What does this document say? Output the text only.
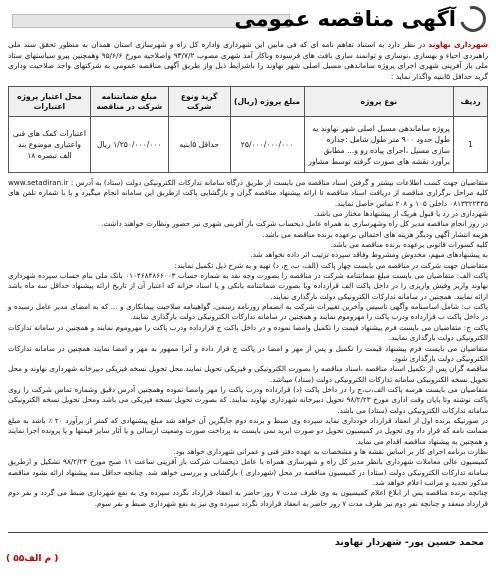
آگهی مناقصه عمومی
شهرداری نهاوند در نظر دارد به استناد تفاهم نامه ای که فی مابین این شهرداری واداره کل راه و شهرسازی استان همدان به منظور تحقق سند ملی راهبردی احیاء و بهسازی ،نوسازی و توانمند سازی بافت های فرسوده وناکار آمد شهری مصوب ۹۳/۷/۲ واصلاحیه مورخ ۹۵/۶/۶ وهمچنین پیرو سیاستهای ستاد ملی باز آفرینی شهری اجرای پروژه ساماندهی مسیل اصلی شهر نهاوند را باشرایط ذیل واز طریق آگهی مناقصه عمومی به شرکتهای واجد صلاحیت وداری گرید حداقل ۵ابنیه واگذار نماید :
ردیف	نوع پروژه	مبلغ پروژه (ریال)	گرید ونوع شرکت	مبلغ ضمانتنامه شرکت در مناقصه	محل اعتبار پروژه اعتبارات
1	پروژه ساماندهی مسیل اصلی شهر نهاوند به طول حدود ۹۰۰ متر طول شامل :جداره سازی مسیل ،اجرای پیاده رو و... مطابق برآورد نقشه های صورت گرفته توسط مشاور	۲۵/۰۰۰/۰۰۰/۰۰۰	حداقل ۵ابنیه	۱/۲۵۰/۰۰۰/۰۰۰ ریال	اعتبارات کمک های فنی واعتباری موضوع بند الف تبصره ۱۸

متقاضیان جهت کسب اطلاعات بیشتر و گرفتن اسناد مناقصه می بایست از طریق درگاه سامانه تدارکات الکترونیکی دولت (ستاد) به آدرس : www.setadiran.ir کلیه مراحل برگزاری مناقصه از دریافت اسناد مناقصه تا ارائه پیشنهاد مناقصه گران و بازگشایی پاکت ازطریق این سامانه انجام میگیرد و یا با شماره تلفن های ۰۸۱۳۳۲۲۴۴۵ داخلی ۱۰۵ و ۲۰۸ تماس حاصل نمایند.

شهرداری در رد یا قبول هریک از پیشنهادها مختار می باشد.

در روز انجام مناقصه مدیر کل راه وشهرسازی به همراه عامل ذیحساب شرکت باز آفرینی شهری نیز حضور ونظارت خواهند داشت.

هزینه انتشار آگهی ودیگر هزینه های احتمالی برعهده برنده مناقصه می باشد.

کلیه کسورات قانونی برعهده برنده مناقصه می باشد.

به پیشنهادهای مبهم، مخدوش ومشروط وفاقد سپرده ترتیب اثر داده نخواهد شد.

متقاضیان جهت شرکت در مناقصه می بایست چهار پاکت (الف، ب، ج، د) تهیه و به شرح ذیل تکمیل نمایند:

پاکت الف: متقاضیان می بایست مبلغ ضمانتنامه شرکت در مناقصه را بصورت وجه نقد به شماره حساب ۰۱۰۴۶۸۴۸۶۶۰۰۳ بانک ملی بنام حساب سپرده شهرداری نهاوند واریز وفیش واریزی را در داخل پاکت الف قرارداده ویا بصورت ضمانتنامه بانکی و یا اسناد خزانه که اعتبار آن از تاریخ ارائه پیشنهاد حداقل سه ماه باشد ارائه نمایند. همچنین در سامانه تدارکات الکترونیکی دولت بارگذاری نمایند.

پاکت ب: شامل اساسنامه وآگهی تاسیس وآخرین تغییرات شرکت به انضمام روزنامه رسمی، گواهینامه صلاحیت پیمانکاری و ... که به امضای مدیر عامل رسیده و در داخل پاکت ب قرارداده ودرب پاکت را مهروموم نمایند و همچنین در سامانه تدارکات الکترونیکی دولت بارگذاری نمایند.

پاکت ج: متقاضیان می بایست فرم پیشنهاد قیمت را تکمیل وامضا نموده و در داخل پاکت ج قرارداده ودرب پاکت را مهروموم نمایند و همچنین در سامانه تدارکات الکترونیکی دولت بارگذاری نمایند.

متقاضیان می بایست فرم پیشنهاد قیمت را تکمیل و پس از مهر و امضا در پاکت ج قرار داده و آنرا ممهور به مهر و امضا نمایند همچنین در سامانه تدارکات الکترونیکی دولت بارگذاری شود.

مناقصه گران پس از تکمیل اسناد مناقصه ،اسناد مناقصه را بصورت الکترونیکی و فیزیکی تحویل نمایند.محل تحویل نسخه فیزیکی دبیرخانه شهرداری نهاوند و محل تحویل نسخه الکترونیکی سامانه تدارکات الکترونیکی دولت (ستاد) میباشد.

متقاضیان می بایست هرسه پاکت الف،ب،ج را در داخل پاکت (د) قرارداده ودرب پاکت را مهر وامضا نموده وهمچنین آدرس دقیق وشماره تماس شرکت را روی پاکت نوشته وتا پایان وقت اداری مورخ ۹۸/۲/۲۳ تحویل دبیرخانه شهرداری نهاوند نمایند. که بصورت تحویل نسخه فیزیکی می باشد ومحل تحویل نسخه الکترونیکی سامانه تدارکات الکترونیکی دولت (ستاد) می باشد.

در صورتیکه برنده اول از انعقاد قرارداد خودداری نماید سپرده وی ضبط و برنده دوم جایگزین آن خواهد شد مبلغ پیشنهادی که کمتر از برآورد ۲۰ ٪ باشد به مبلغ ضمانت نامه که قرار داد وی تحویل در کمیسیون تحویل دو صورت ابرید نمی بایست به پرداخت صورت وصعیت ارسالی و یا آثار سایر قیمتها و یا پرونده اجرا نمایند و همچنین به پیشنهاد مناقصه اقدام می نماید.

نظارت برنامه اجرای کار بر اساس نقشه ها و مشخصات به عهده دفتر فنی و عمرانی شهرداری خواهد بود.

کمیسیون عالی معاملات شهرداری بانظر مدیر کل راه و شهرسازی همراه با عامل ذیحساب شرکت باز آفرینی ساعت ۱۱ صبح مورخ ۹۸/۲/۲۴ تشکیل و ازطریق سامانه تدارکات الکترونیکی دولت (ستاد) در کمیسیون مناقصه در محل (شهرداری ) بازگشایی و بررسی خواهد شد. چنانچه حداقل سه پیشنهاد ارائه نشود مناقصه مذکور تجدید و مراتب اعلام خواهد شد.

چنانچه برنده مناقصه پس از ابلاغ اعلام کمیسیون به وی ظرف مدت ۷ روز حاضر به انعقاد قرارداد نگردد سپرده وی به نفع شهرداری ضبط می گردد و نفر دوم قرارداد منعقد و چنانچه نفر دوم نیز ظرف مدت ۷ روز حاضر به انعقاد قرارداد نگردد سپرده وی نیز به نفع شهرداری ضبط و نفر سوم.

محمد حسین پور- شهردار نهاوند
( م الف۵۵ )
